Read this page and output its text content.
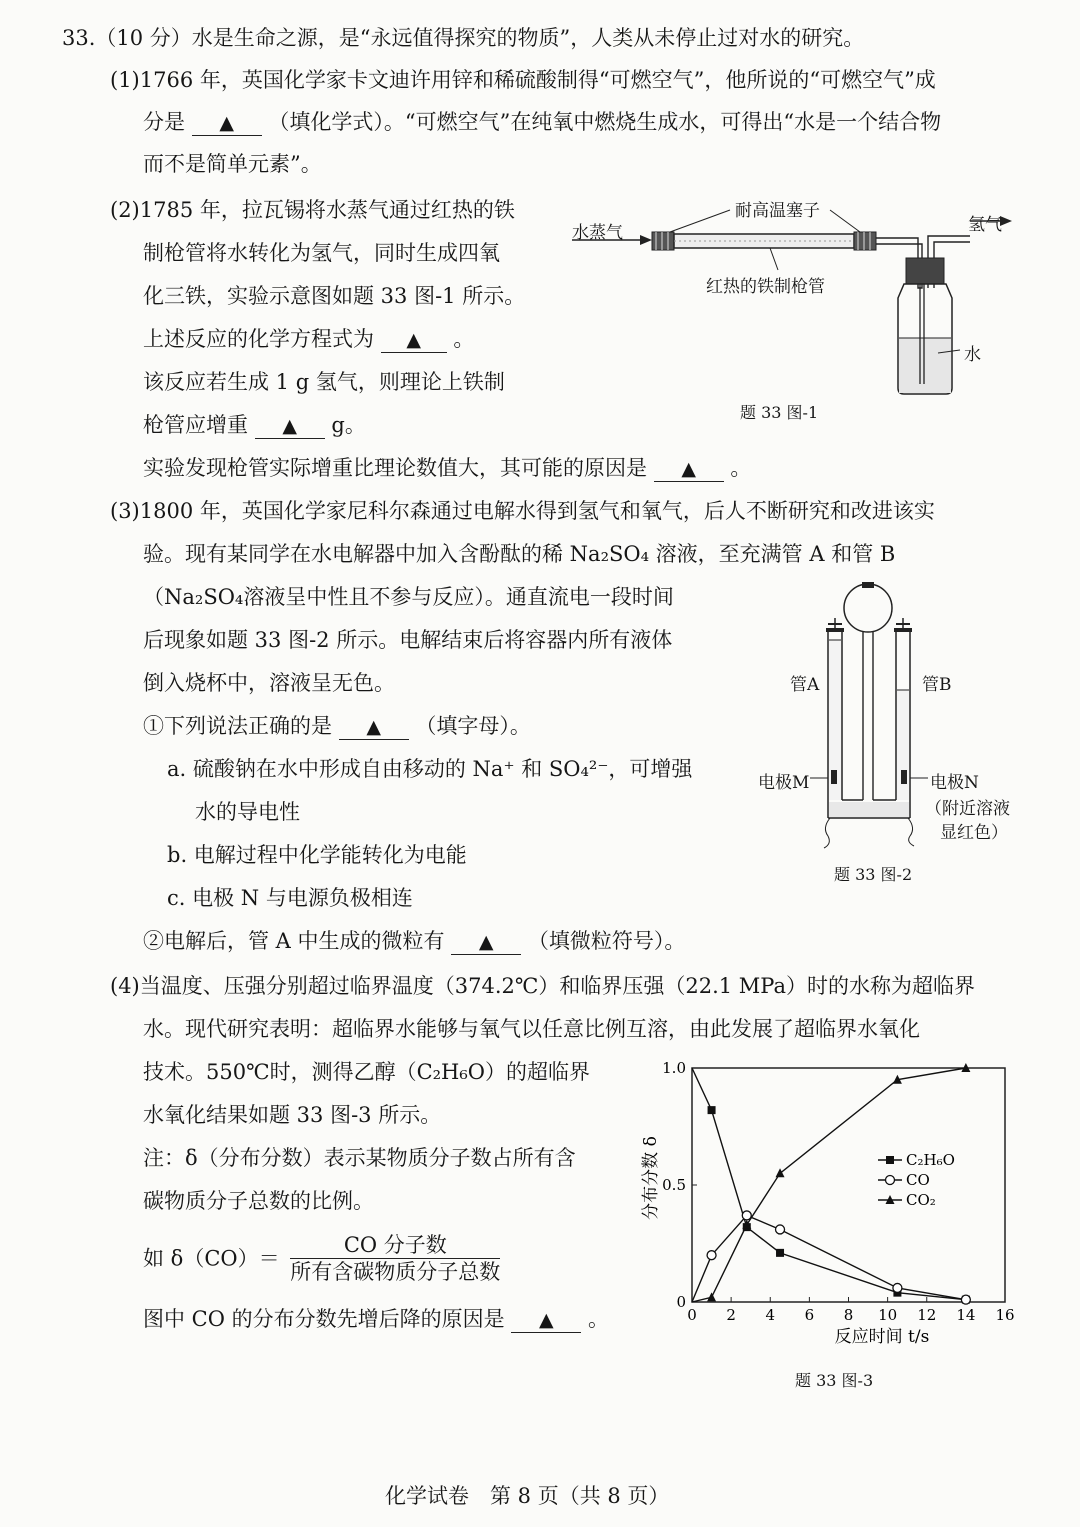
33.（10 分）水是生命之源，是“永远值得探究的物质”，人类从未停止过对水的研究。
(1)1766 年，英国化学家卡文迪许用锌和稀硫酸制得“可燃空气”，他所说的“可燃空气”成
分是 ▲ （填化学式）。“可燃空气”在纯氧中燃烧生成水，可得出“水是一个结合物
而不是简单元素”。
(2)1785 年，拉瓦锡将水蒸气通过红热的铁
制枪管将水转化为氢气，同时生成四氧
化三铁，实验示意图如题 33 图-1 所示。
上述反应的化学方程式为 ▲ 。
该反应若生成 1 g 氢气，则理论上铁制
枪管应增重 ▲ g。
实验发现枪管实际增重比理论数值大，其可能的原因是 ▲ 。
水蒸气
耐高温塞子
氢气
红热的铁制枪管
水
题 33 图-1
(3)1800 年，英国化学家尼科尔森通过电解水得到氢气和氧气，后人不断研究和改进该实
验。现有某同学在水电解器中加入含酚酞的稀 Na₂SO₄ 溶液，至充满管 A 和管 B
（Na₂SO₄溶液呈中性且不参与反应）。通直流电一段时间
后现象如题 33 图-2 所示。电解结束后将容器内所有液体
倒入烧杯中，溶液呈无色。
①下列说法正确的是 ▲ （填字母）。
a. 硫酸钠在水中形成自由移动的 Na⁺ 和 SO₄²⁻，可增强
水的导电性
b. 电解过程中化学能转化为电能
c. 电极 N 与电源负极相连
②电解后，管 A 中生成的微粒有 ▲ （填微粒符号）。
管A	管B
电极M	电极N
（附近溶液
显红色）
题 33 图-2
(4)当温度、压强分别超过临界温度（374.2℃）和临界压强（22.1 MPa）时的水称为超临界
水。现代研究表明：超临界水能够与氧气以任意比例互溶，由此发展了超临界水氧化
技术。550℃时，测得乙醇（C₂H₆O）的超临界
水氧化结果如题 33 图-3 所示。
注：δ（分布分数）表示某物质分子数占所有含
碳物质分子总数的比例。
如 $\delta(CO)= \frac{\text{CO 分子数}}{\text{所有含碳物质分子总数}}$
图中 CO 的分布分数先增后降的原因是 ▲ 。	0 2 4 6 8 10 12 14 16
0
0.5
1.0
C₂H₆O
CO
CO₂
反应时间 t/s
分布分数 δ
题 33 图-3
化学试卷　第 8 页（共 8 页）
